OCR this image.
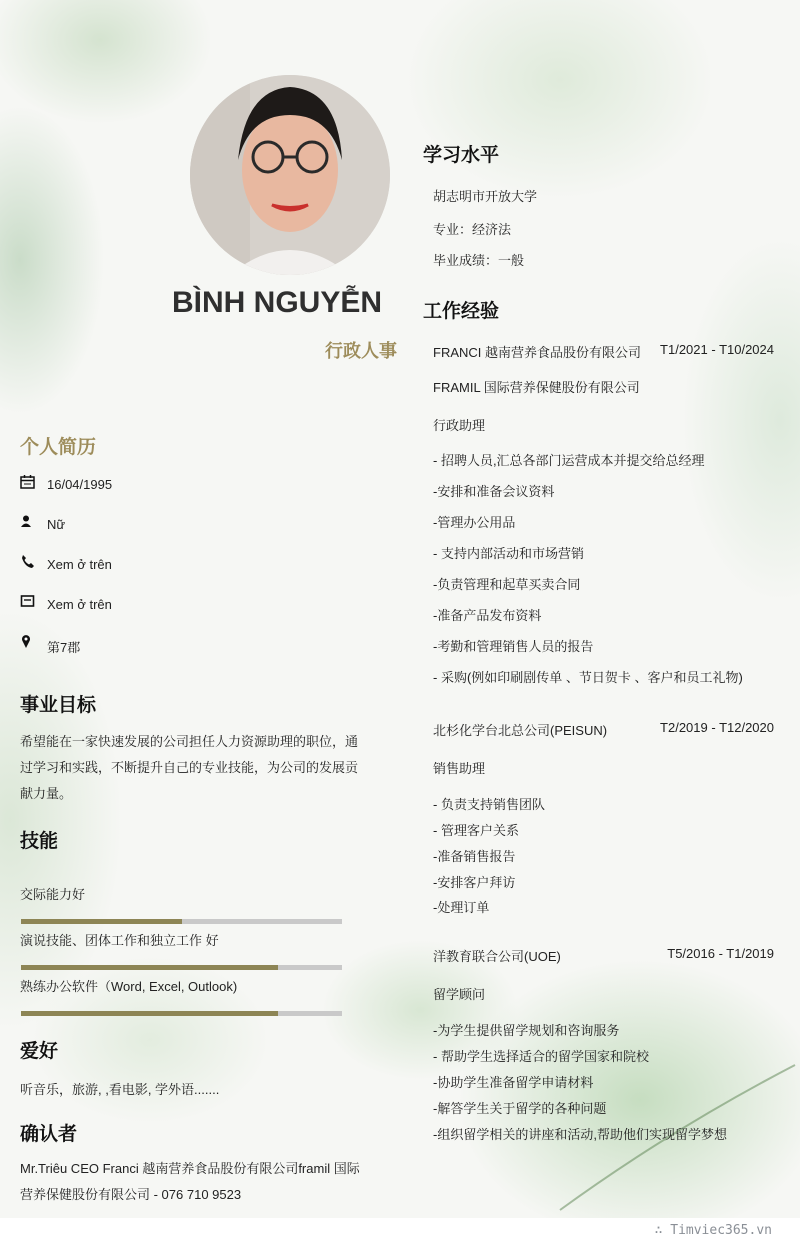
BÌNH NGUYỄN

行政人事

个人简历
16/04/1995
Nữ
Xem ở trên
Xem ở trên
第7郡
事业目标
希望能在一家快速发展的公司担任人力资源助理的职位，通
过学习和实践，不断提升自己的专业技能，为公司的发展贡
献力量。
技能
交际能力好
演说技能、团体工作和独立工作 好
熟练办公软件（Word, Excel, Outlook)
爱好
听音乐，旅游, ,看电影, 学外语.......
确认者
Mr.Triêu CEO Franci 越南营养食品股份有限公司framil 国际
营养保健股份有限公司 - 076 710 9523
学习水平
胡志明市开放大学
专业：经济法
毕业成绩：一般
工作经验
FRANCI 越南营养食品股份有限公司 T1/2021 - T10/2024
FRAMIL 国际营养保健股份有限公司
行政助理
- 招聘人员,汇总各部门运营成本并提交给总经理
-安排和准备会议资料
-管理办公用品
- 支持内部活动和市场营销
-负责管理和起草买卖合同
-准备产品发布资料
-考勤和管理销售人员的报告
- 采购(例如印刷剧传单 、节日贺卡 、客户和员工礼物)
北杉化学台北总公司(PEISUN)	T2/2019 - T12/2020
销售助理
- 负责支持销售团队
- 管理客户关系
-准备销售报告
-安排客户拜访
-处理订单
洋教育联合公司(UOE)	T5/2016 - T1/2019
留学顾问
-为学生提供留学规划和咨询服务
- 帮助学生选择适合的留学国家和院校
-协助学生准备留学申请材料
-解答学生关于留学的各种问题
-组织留学相关的讲座和活动,帮助他们实现留学梦想
∴ Timviec365.vn
